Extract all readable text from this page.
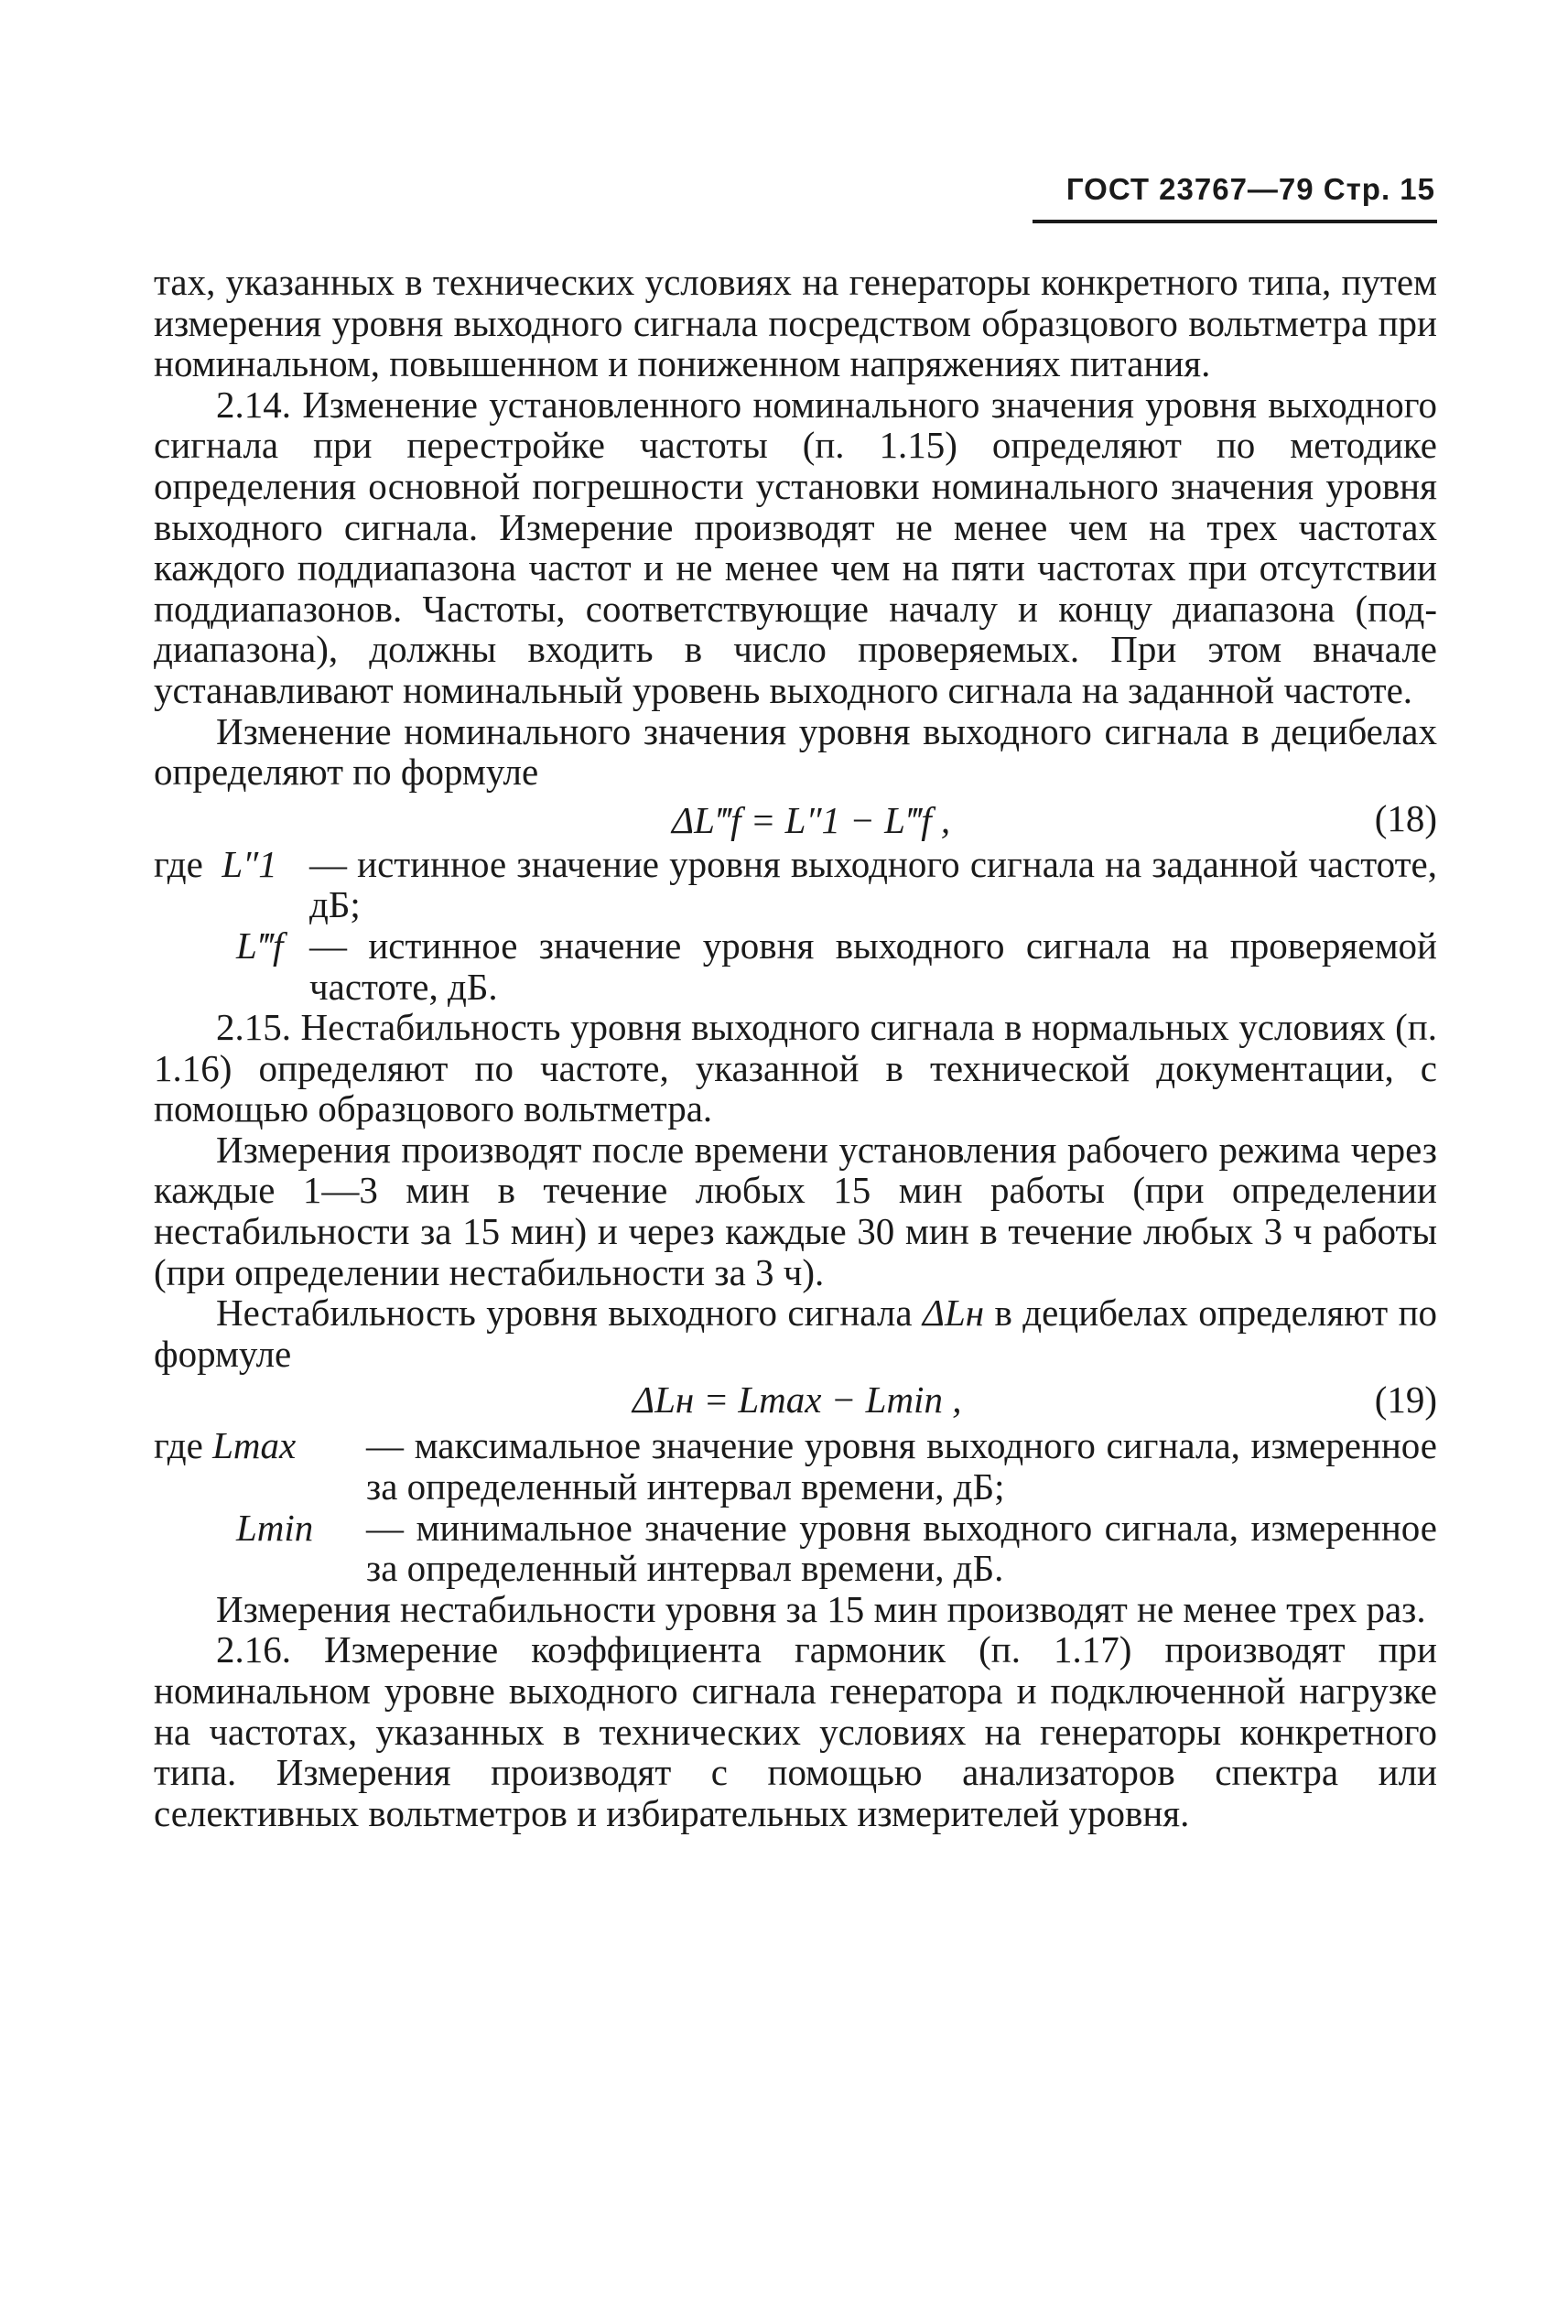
ГОСТ 23767—79 Стр. 15

тах, указанных в технических условиях на генераторы конкретного типа, путем измерения уровня выходного сигнала посредством образцового вольтметра при номинальном, повышенном и пониженном напряжениях питания.

2.14. Изменение установленного номинального значения уровня выходного сигнала при перестройке частоты (п. 1.15) определяют по методике определения основной погрешности установки номинального значения уровня выходного сигнала. Измерение производят не менее чем на трех частотах каждого поддиапазона частот и не менее чем на пяти частотах при отсутствии поддиапазонов. Частоты, соответствующие началу и концу диапазона (поддиапазона), должны входить в число проверяемых. При этом вначале устанавливают номинальный уровень выходного сигнала на заданной частоте.

Изменение номинального значения уровня выходного сигнала в децибелах определяют по формуле

ΔL‴f = L″1 − L‴f ,	(18)

где L″1 — истинное значение уровня выходного сигнала на заданной частоте, дБ;

L‴f — истинное значение уровня выходного сигнала на проверяемой частоте, дБ.

2.15. Нестабильность уровня выходного сигнала в нормальных условиях (п. 1.16) определяют по частоте, указанной в технической документации, с помощью образцового вольтметра.

Измерения производят после времени установления рабочего режима через каждые 1—3 мин в течение любых 15 мин работы (при определении нестабильности за 15 мин) и через каждые 30 мин в течение любых 3 ч работы (при определении нестабильности за 3 ч).

Нестабильность уровня выходного сигнала ΔLн в децибелах определяют по формуле

ΔLн = Lmax − Lmin ,	(19)

где Lmax — максимальное значение уровня выходного сигнала, измеренное за определенный интервал времени, дБ;

Lmin — минимальное значение уровня выходного сигнала, измеренное за определенный интервал времени, дБ.

Измерения нестабильности уровня за 15 мин производят не менее трех раз.

2.16. Измерение коэффициента гармоник (п. 1.17) производят при номинальном уровне выходного сигнала генератора и подключенной нагрузке на частотах, указанных в технических условиях на генераторы конкретного типа. Измерения производят с помощью анализаторов спектра или селективных вольтметров и избирательных измерителей уровня.
